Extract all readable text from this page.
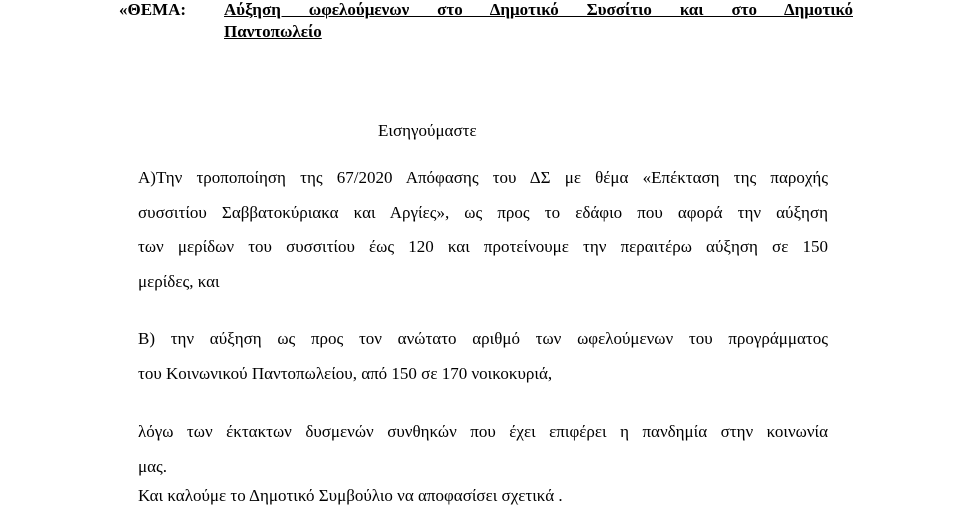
«ΘΕΜΑ: Αύξηση ωφελούμενων στο Δημοτικό Συσσίτιο και στο Δημοτικό
Παντοπωλείο
Εισηγούμαστε
Α)Την τροποποίηση της 67/2020 Απόφασης του ΔΣ με θέμα «Επέκταση της παροχής
συσσιτίου Σαββατοκύριακα και Αργίες», ως προς το εδάφιο που αφορά την αύξηση
των μερίδων του συσσιτίου έως 120 και προτείνουμε την περαιτέρω αύξηση σε 150
μερίδες, και
Β) την αύξηση ως προς τον ανώτατο αριθμό των ωφελούμενων του προγράμματος
του Κοινωνικού Παντοπωλείου, από 150 σε 170 νοικοκυριά,
λόγω των έκτακτων δυσμενών συνθηκών που έχει επιφέρει η πανδημία στην κοινωνία
μας.
Και καλούμε το Δημοτικό Συμβούλιο να αποφασίσει σχετικά .
